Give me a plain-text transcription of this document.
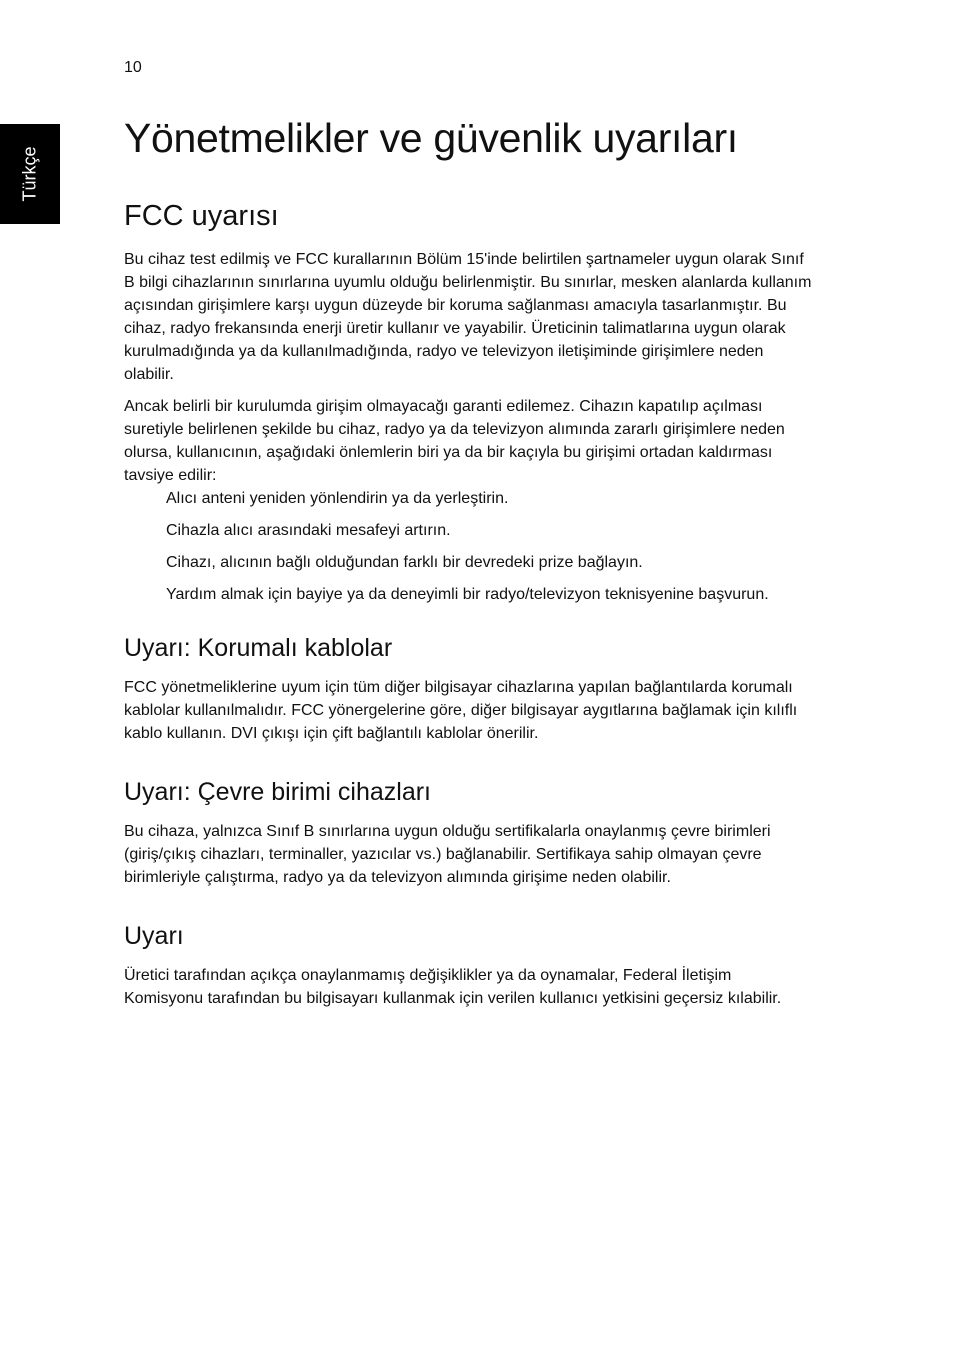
10
Türkçe
Yönetmelikler ve güvenlik uyarıları
FCC uyarısı

Bu cihaz test edilmiş ve FCC kurallarının Bölüm 15'inde belirtilen şartnameler uygun olarak Sınıf B bilgi cihazlarının sınırlarına uyumlu olduğu belirlenmiştir. Bu sınırlar, mesken alanlarda kullanım açısından girişimlere karşı uygun düzeyde bir koruma sağlanması amacıyla tasarlanmıştır. Bu cihaz, radyo frekansında enerji üretir kullanır ve yayabilir. Üreticinin talimatlarına uygun olarak kurulmadığında ya da kullanılmadığında, radyo ve televizyon iletişiminde girişimlere neden olabilir.

Ancak belirli bir kurulumda girişim olmayacağı garanti edilemez. Cihazın kapatılıp açılması suretiyle belirlenen şekilde bu cihaz, radyo ya da televizyon alımında zararlı girişimlere neden olursa, kullanıcının, aşağıdaki önlemlerin biri ya da bir kaçıyla bu girişimi ortadan kaldırması tavsiye edilir:

Alıcı anteni yeniden yönlendirin ya da yerleştirin.
Cihazla alıcı arasındaki mesafeyi artırın.
Cihazı, alıcının bağlı olduğundan farklı bir devredeki prize bağlayın.
Yardım almak için bayiye ya da deneyimli bir radyo/televizyon teknisyenine başvurun.
Uyarı: Korumalı kablolar

FCC yönetmeliklerine uyum için tüm diğer bilgisayar cihazlarına yapılan bağlantılarda korumalı kablolar kullanılmalıdır. FCC yönergelerine göre, diğer bilgisayar aygıtlarına bağlamak için kılıflı kablo kullanın. DVI çıkışı için çift bağlantılı kablolar önerilir.

Uyarı: Çevre birimi cihazları

Bu cihaza, yalnızca Sınıf B sınırlarına uygun olduğu sertifikalarla onaylanmış çevre birimleri (giriş/çıkış cihazları, terminaller, yazıcılar vs.) bağlanabilir. Sertifikaya sahip olmayan çevre birimleriyle çalıştırma, radyo ya da televizyon alımında girişime neden olabilir.

Uyarı

Üretici tarafından açıkça onaylanmamış değişiklikler ya da oynamalar, Federal İletişim Komisyonu tarafından bu bilgisayarı kullanmak için verilen kullanıcı yetkisini geçersiz kılabilir.
